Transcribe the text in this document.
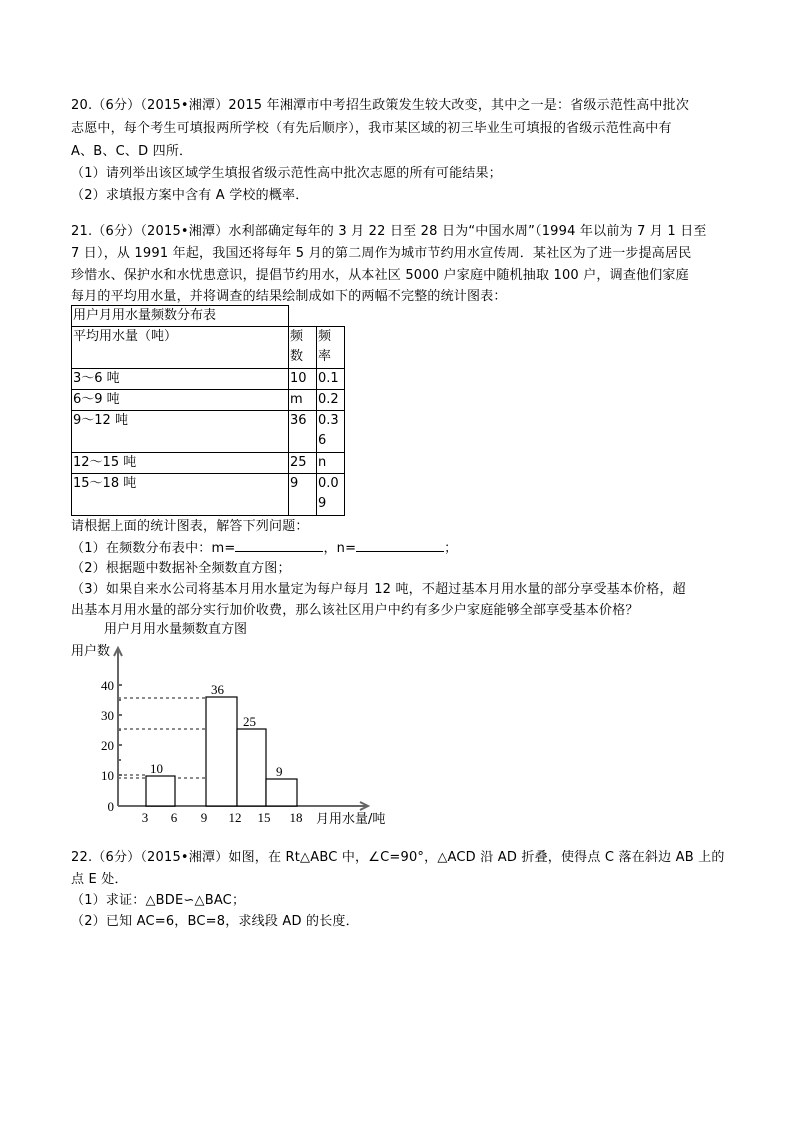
20.（6分）（2015•湘潭）2015 年湘潭市中考招生政策发生较大改变，其中之一是：省级示范性高中批次
志愿中，每个考生可填报两所学校（有先后顺序），我市某区域的初三毕业生可填报的省级示范性高中有
A、B、C、D 四所．
（1）请列举出该区域学生填报省级示范性高中批次志愿的所有可能结果；
（2）求填报方案中含有 A 学校的概率．
21.（6分）（2015•湘潭）水利部确定每年的 3 月 22 日至 28 日为“中国水周”（1994 年以前为 7 月 1 日至
7 日），从 1991 年起，我国还将每年 5 月的第二周作为城市节约用水宣传周．某社区为了进一步提高居民
珍惜水、保护水和水忧患意识，提倡节约用水，从本社区 5000 户家庭中随机抽取 100 户，调查他们家庭
每月的平均用水量，并将调查的结果绘制成如下的两幅不完整的统计图表：
用户月用水量频数分布表		
平均用水量（吨）	频数	频率
3～6 吨	10	0.1
6～9 吨	m	0.2
9～12 吨	36	0.36
12～15 吨	25	n
15～18 吨	9	0.09
请根据上面的统计图表，解答下列问题：
（1）在频数分布表中：m=	，n=	；
（2）根据题中数据补全频数直方图；
（3）如果自来水公司将基本月用水量定为每户每月 12 吨，不超过基本月用水量的部分享受基本价格，超
出基本月用水量的部分实行加价收费，那么该社区用户中约有多少户家庭能够全部享受基本价格？
用户月用水量频数直方图
用户数
10
36
25
9
0
10
20
30
40
3 6 9 12 15 18 月用水量/吨
22.（6分）（2015•湘潭）如图，在 Rt△ABC 中，∠C=90°，△ACD 沿 AD 折叠，使得点 C 落在斜边 AB 上的
点 E 处．
（1）求证：△BDE∽△BAC；
（2）已知 AC=6，BC=8，求线段 AD 的长度．
